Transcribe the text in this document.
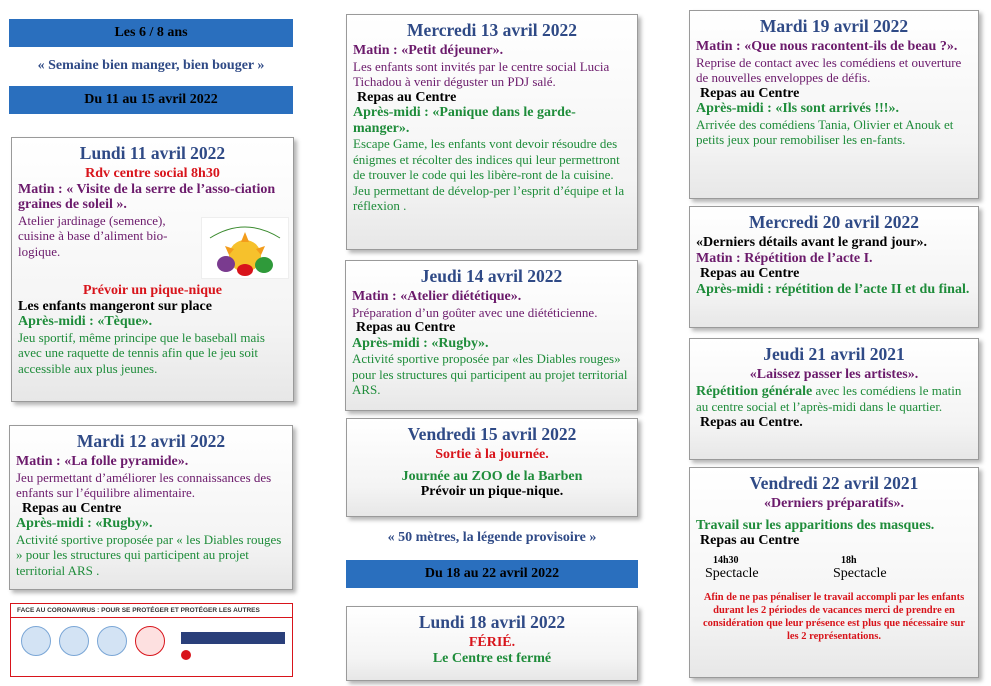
Les 6 / 8 ans
« Semaine bien manger, bien bouger »
Du 11 au 15 avril 2022
Lundi 11 avril 2022
Rdv centre social 8h30
Matin : « Visite de la serre de l’asso-ciation graines de soleil ».
Atelier jardinage (semence), cuisine à base d’aliment bio-logique.
Prévoir un pique-nique
Les enfants mangeront sur place
Après-midi : «Tèque».
Jeu sportif, même principe que le baseball mais avec une raquette de tennis afin que le jeu soit accessible aux plus jeunes.
Mardi 12 avril 2022
Matin : «La folle pyramide».
Jeu permettant d’améliorer les connaissances des enfants sur l’équilibre alimentaire.
Repas au Centre
Après-midi : «Rugby».
Activité sportive proposée par « les Diables rouges » pour les structures qui participent au projet territorial ARS .
FACE AU CORONAVIRUS : POUR SE PROTÉGER ET PROTÉGER LES AUTRES
Mercredi 13 avril 2022
Matin : «Petit déjeuner».
Les enfants sont invités par le centre social Lucia Tichadou à venir déguster un PDJ salé.
Repas au Centre
Après-midi : «Panique dans le garde-manger».
Escape Game, les enfants vont devoir résoudre des énigmes et récolter des indices qui leur permettront de trouver le code qui les libère-ront de la cuisine. Jeu permettant de dévelop-per l’esprit d’équipe et la réflexion .
Jeudi 14 avril 2022
Matin : «Atelier diététique».
Préparation d’un goûter avec une diététicienne.
Repas au Centre
Après-midi : «Rugby».
Activité sportive proposée par «les Diables rouges» pour les structures qui participent au projet territorial ARS.
Vendredi 15 avril 2022
Sortie à la journée.
Journée au ZOO de la Barben
Prévoir un pique-nique.
« 50 mètres, la légende provisoire »
Du 18 au 22 avril 2022
Lundi 18 avril 2022
FÉRIÉ.
Le Centre est fermé
Mardi 19 avril 2022
Matin : «Que nous racontent-ils de beau ?».
Reprise de contact avec les comédiens et ouverture de nouvelles enveloppes de défis.
Repas au Centre
Après-midi : «Ils sont arrivés !!!».
Arrivée des comédiens Tania, Olivier et Anouk et petits jeux pour remobiliser les en-fants.
Mercredi 20 avril 2022
«Derniers détails avant le grand jour».
Matin : Répétition de l’acte I.
Repas au Centre
Après-midi : répétition de l’acte II et du final.
Jeudi 21 avril 2021
«Laissez passer les artistes».
Répétition générale avec les comédiens le matin au centre social et l’après-midi dans le quartier.
Repas au Centre.
Vendredi 22 avril 2021
«Derniers préparatifs».
Travail sur les apparitions des masques.
Repas au Centre
14h30
Spectacle
18h
Spectacle
Afin de ne pas pénaliser le travail accompli par les enfants durant les 2 périodes de vacances merci de prendre en considération que leur présence est plus que nécessaire sur les 2 représentations.
